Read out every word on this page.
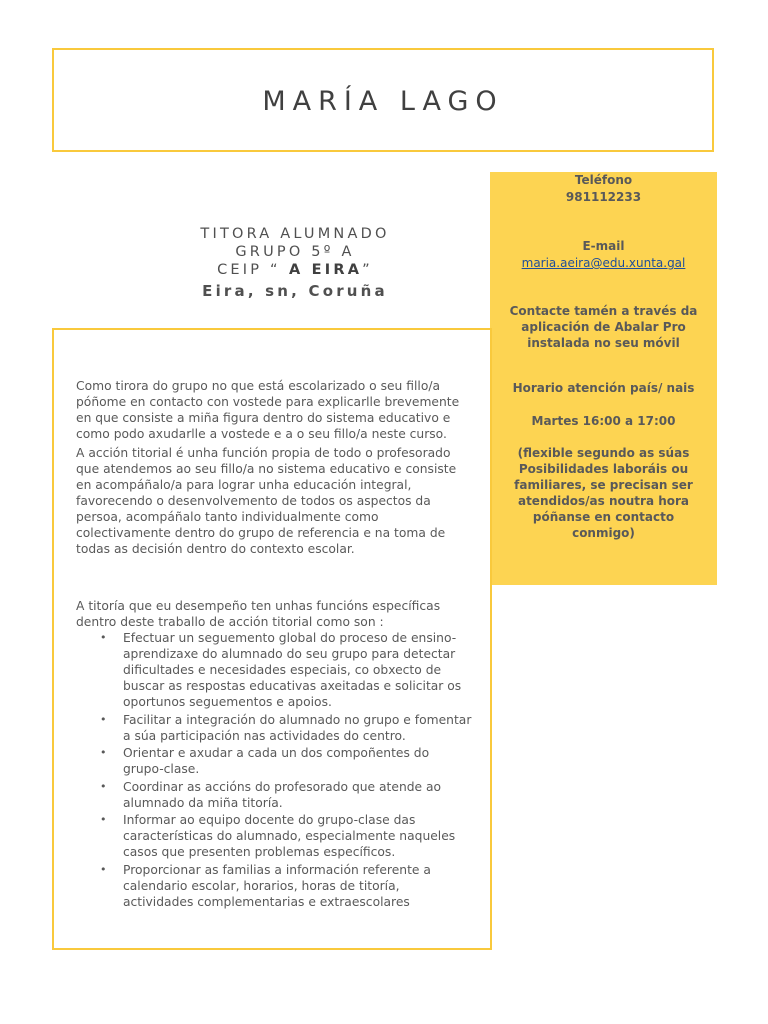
MARÍA LAGO
TITORA ALUMNADO
GRUPO 5º A
CEIP “ A EIRA”
Eira, sn, Coruña
Teléfono
981112233
E-mail
maria.aeira@edu.xunta.gal
Contacte tamén a través da aplicación de Abalar Pro instalada no seu móvil
Horario atención país/ nais
Martes 16:00 a 17:00
(flexible segundo as súas Posibilidades laboráis ou familiares, se precisan ser atendidos/as noutra hora póñanse en contacto conmigo)

Como tirora do grupo no que está escolarizado o seu fillo/a póñome en contacto con vostede para explicarlle brevemente en que consiste a miña figura dentro do sistema educativo e como podo axudarlle a vostede e a o seu fillo/a neste curso.

A acción titorial é unha función propia de todo o profesorado que atendemos ao seu fillo/a no sistema educativo e consiste en acompáñalo/a para lograr unha educación integral, favorecendo o desenvolvemento de todos os aspectos da persoa, acompáñalo tanto individualmente como colectivamente dentro do grupo de referencia e na toma de todas as decisión dentro do contexto escolar.

A titoría que eu desempeño ten unhas funcións específicas dentro deste traballo de acción titorial como son :

• Efectuar un seguemento global do proceso de ensino-aprendizaxe do alumnado do seu grupo para detectar dificultades e necesidades especiais, co obxecto de buscar as respostas educativas axeitadas e solicitar os oportunos seguementos e apoios.
• Facilitar a integración do alumnado no grupo e fomentar a súa participación nas actividades do centro.
• Orientar e axudar a cada un dos compoñentes do grupo-clase.
• Coordinar as accións do profesorado que atende ao alumnado da miña titoría.
• Informar ao equipo docente do grupo-clase das características do alumnado, especialmente naqueles casos que presenten problemas específicos.
• Proporcionar as familias a información referente a calendario escolar, horarios, horas de titoría, actividades complementarias e extraescolares
